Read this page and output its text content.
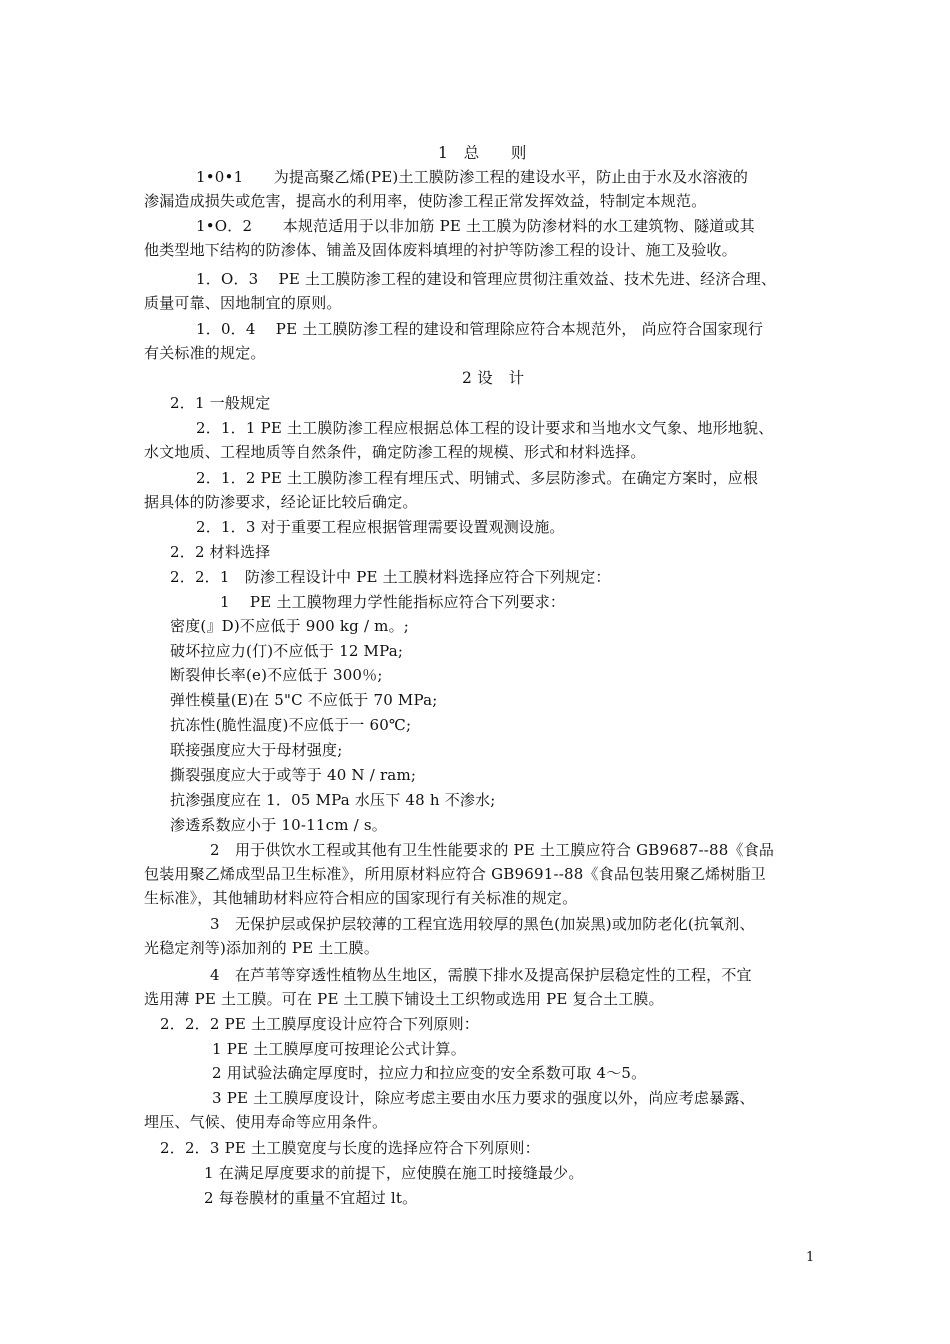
1　总　　则
1•0•1　　为提高聚乙烯(PE)土工膜防渗工程的建设水平，防止由于水及水溶液的
渗漏造成损失或危害，提高水的利用率，使防渗工程正常发挥效益，特制定本规范。
1•O．2　　本规范适用于以非加筋 PE 土工膜为防渗材料的水工建筑物、隧道或其
他类型地下结构的防渗体、铺盖及固体废料填埋的衬护等防渗工程的设计、施工及验收。
1．O．3　 PE 土工膜防渗工程的建设和管理应贯彻注重效益、技术先进、经济合理、
质量可靠、因地制宜的原则。
1．0．4　 PE 土工膜防渗工程的建设和管理除应符合本规范外， 尚应符合国家现行
有关标准的规定。
2 设　计
2．1 一般规定
2．1．1 PE 土工膜防渗工程应根据总体工程的设计要求和当地水文气象、地形地貌、
水文地质、工程地质等自然条件，确定防渗工程的规模、形式和材料选择。
2．1．2 PE 土工膜防渗工程有埋压式、明铺式、多层防渗式。在确定方案时，应根
据具体的防渗要求，经论证比较后确定。
2．1．3 对于重要工程应根据管理需要设置观测设施。
2．2 材料选择
2．2．1　防渗工程设计中 PE 土工膜材料选择应符合下列规定：
1　 PE 土工膜物理力学性能指标应符合下列要求：
密度(』D)不应低于 900 kg / m。;
破坏拉应力(仃)不应低于 12 MPa;
断裂伸长率(e)不应低于 300％;
弹性模量(E)在 5"C 不应低于 70 MPa;
抗冻性(脆性温度)不应低于一 60℃;
联接强度应大于母材强度;
撕裂强度应大于或等于 40 N / ram;
抗渗强度应在 1．05 MPa 水压下 48 h 不渗水;
渗透系数应小于 10-11cm / s。
2　用于供饮水工程或其他有卫生性能要求的 PE 土工膜应符合 GB9687--88《食品
包装用聚乙烯成型品卫生标准》，所用原材料应符合 GB9691--88《食品包装用聚乙烯树脂卫
生标准》，其他辅助材料应符合相应的国家现行有关标准的规定。
3　无保护层或保护层较薄的工程宜选用较厚的黑色(加炭黑)或加防老化(抗氧剂、
光稳定剂等)添加剂的 PE 土工膜。
4　在芦苇等穿透性植物丛生地区，需膜下排水及提高保护层稳定性的工程，不宜
选用薄 PE 土工膜。可在 PE 土工膜下铺设土工织物或选用 PE 复合土工膜。
2．2．2 PE 土工膜厚度设计应符合下列原则：
1 PE 土工膜厚度可按理论公式计算。
2 用试验法确定厚度时，拉应力和拉应变的安全系数可取 4～5。
3 PE 土工膜厚度设计，除应考虑主要由水压力要求的强度以外，尚应考虑暴露、
埋压、气候、使用寿命等应用条件。
2．2．3 PE 土工膜宽度与长度的选择应符合下列原则：
1 在满足厚度要求的前提下，应使膜在施工时接缝最少。
2 每卷膜材的重量不宜超过 lt。
1
